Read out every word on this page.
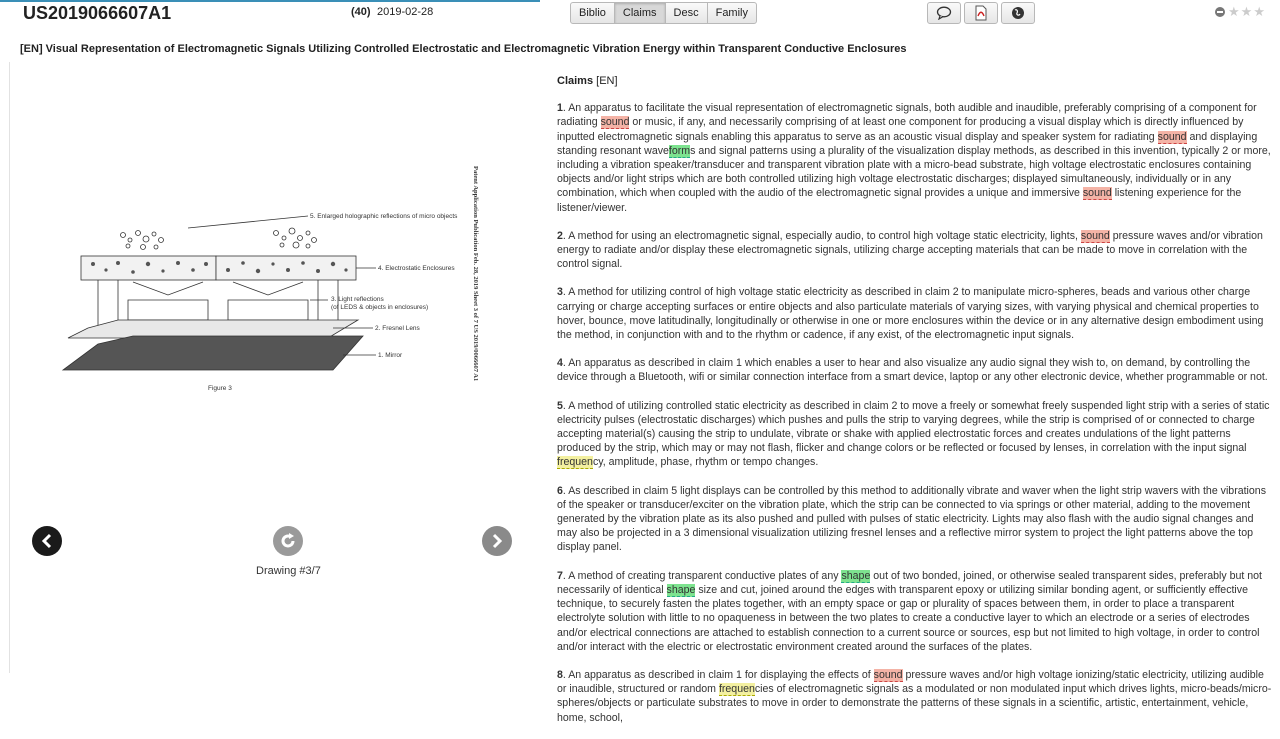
US2019066607A1	(40) 2019-02-28	Biblio	Claims	Desc	Family	★ ★ ★
[EN] Visual Representation of Electromagnetic Signals Utilizing Controlled Electrostatic and Electromagnetic Vibration Energy within Transparent Conductive Enclosures
5. Enlarged holographic reflections of micro objects
4. Electrostatic Enclosures
3. Light reflections
(of LEDS & objects in enclosures)
2. Fresnel Lens
1. Mirror
Figure 3
Patent Application Publication Feb. 28, 2019 Sheet 3 of 7 US 2019/0066607 A1
Drawing #3/7
Claims [EN]

1. An apparatus to facilitate the visual representation of electromagnetic signals, both audible and inaudible, preferably comprising of a component for radiating sound or music, if any, and necessarily comprising of at least one component for producing a visual display which is directly influenced by inputted electromagnetic signals enabling this apparatus to serve as an acoustic visual display and speaker system for radiating sound and displaying standing resonant waveforms and signal patterns using a plurality of the visualization display methods, as described in this invention, typically 2 or more, including a vibration speaker/transducer and transparent vibration plate with a micro-bead substrate, high voltage electrostatic enclosures containing objects and/or light strips which are both controlled utilizing high voltage electrostatic discharges; displayed simultaneously, individually or in any combination, which when coupled with the audio of the electromagnetic signal provides a unique and immersive sound listening experience for the listener/viewer.

2. A method for using an electromagnetic signal, especially audio, to control high voltage static electricity, lights, sound pressure waves and/or vibration energy to radiate and/or display these electromagnetic signals, utilizing charge accepting materials that can be made to move in correlation with the control signal.

3. A method for utilizing control of high voltage static electricity as described in claim 2 to manipulate micro-spheres, beads and various other charge carrying or charge accepting surfaces or entire objects and also particulate materials of varying sizes, with varying physical and chemical properties to hover, bounce, move latitudinally, longitudinally or otherwise in one or more enclosures within the device or in any alternative design embodiment using the method, in conjunction with and to the rhythm or cadence, if any exist, of the electromagnetic input signals.

4. An apparatus as described in claim 1 which enables a user to hear and also visualize any audio signal they wish to, on demand, by controlling the device through a Bluetooth, wifi or similar connection interface from a smart device, laptop or any other electronic device, whether programmable or not.

5. A method of utilizing controlled static electricity as described in claim 2 to move a freely or somewhat freely suspended light strip with a series of static electricity pulses (electrostatic discharges) which pushes and pulls the strip to varying degrees, while the strip is comprised of or connected to charge accepting material(s) causing the strip to undulate, vibrate or shake with applied electrostatic forces and creates undulations of the light patterns produced by the strip, which may or may not flash, flicker and change colors or be reflected or focused by lenses, in correlation with the input signal frequency, amplitude, phase, rhythm or tempo changes.

6. As described in claim 5 light displays can be controlled by this method to additionally vibrate and waver when the light strip wavers with the vibrations of the speaker or transducer/exciter on the vibration plate, which the strip can be connected to via springs or other material, adding to the movement generated by the vibration plate as its also pushed and pulled with pulses of static electricity. Lights may also flash with the audio signal changes and may also be projected in a 3 dimensional visualization utilizing fresnel lenses and a reflective mirror system to project the light patterns above the top display panel.

7. A method of creating transparent conductive plates of any shape out of two bonded, joined, or otherwise sealed transparent sides, preferably but not necessarily of identical shape size and cut, joined around the edges with transparent epoxy or utilizing similar bonding agent, or sufficiently effective technique, to securely fasten the plates together, with an empty space or gap or plurality of spaces between them, in order to place a transparent electrolyte solution with little to no opaqueness in between the two plates to create a conductive layer to which an electrode or a series of electrodes and/or electrical connections are attached to establish connection to a current source or sources, esp but not limited to high voltage, in order to control and/or interact with the electric or electrostatic environment created around the surfaces of the plates.

8. An apparatus as described in claim 1 for displaying the effects of sound pressure waves and/or high voltage ionizing/static electricity, utilizing audible or inaudible, structured or random frequencies of electromagnetic signals as a modulated or non modulated input which drives lights, micro-beads/micro-spheres/objects or particulate substrates to move in order to demonstrate the patterns of these signals in a scientific, artistic, entertainment, vehicle, home, school,
